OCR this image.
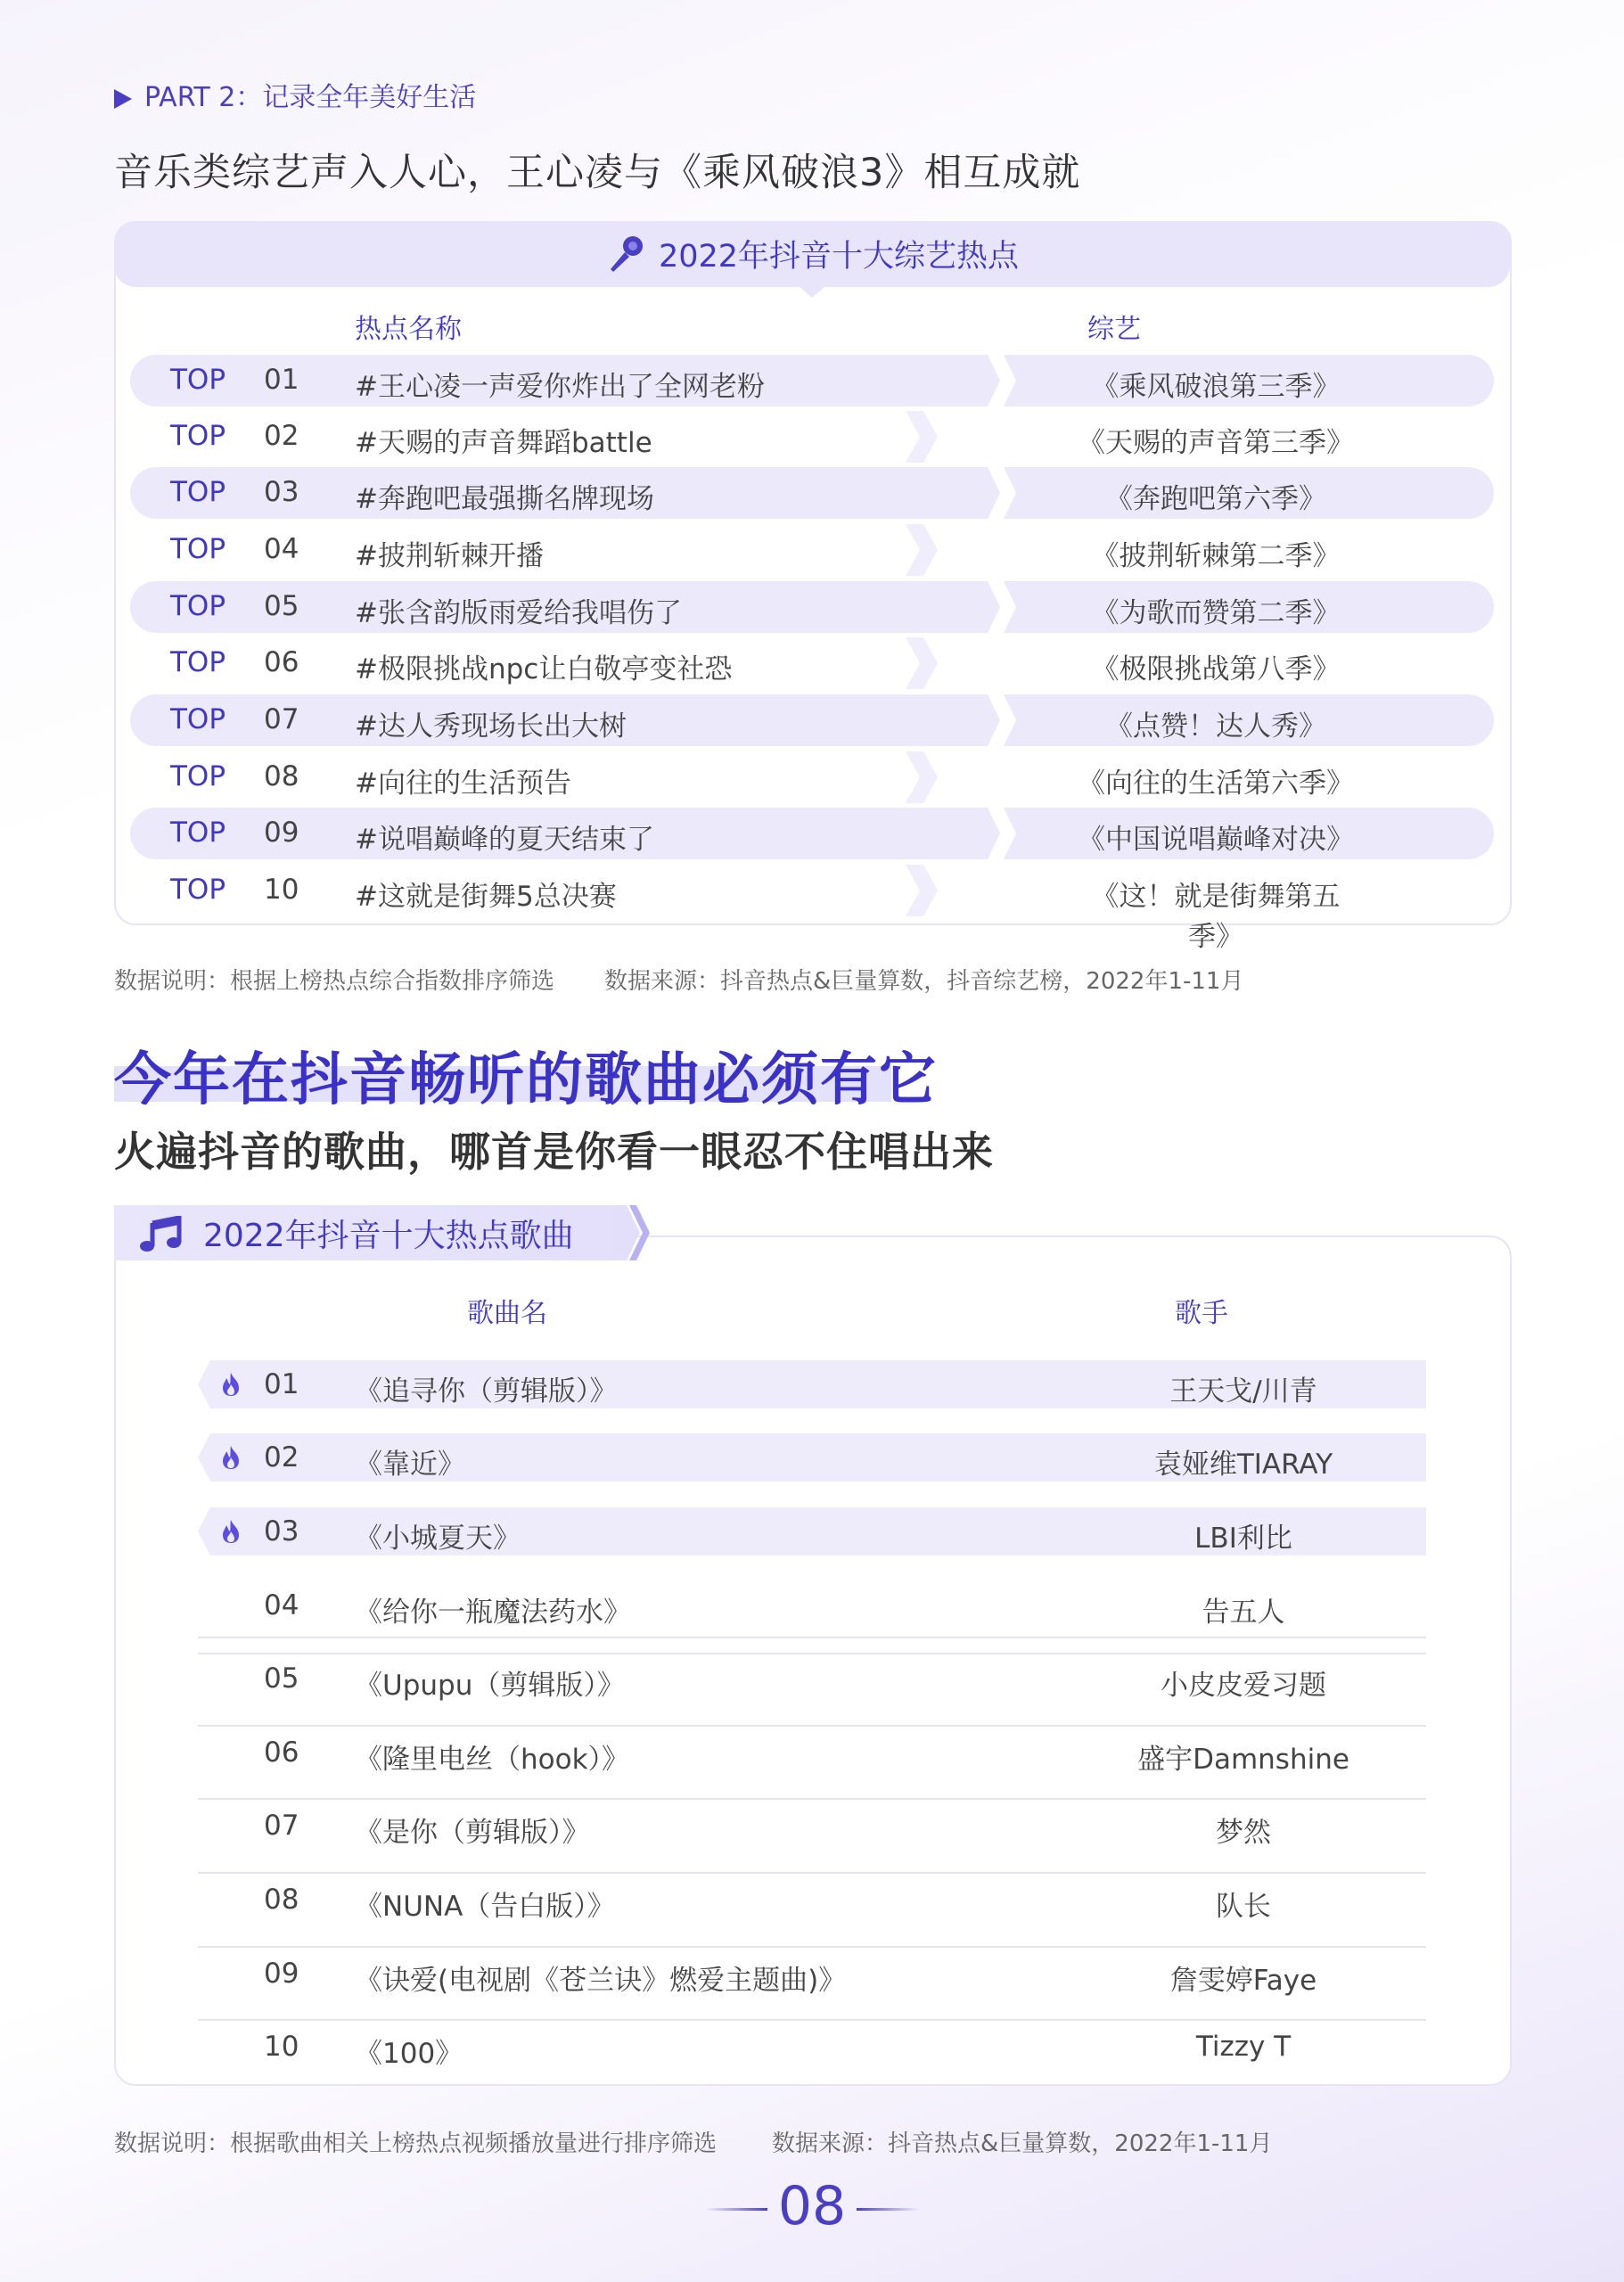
PART 2：记录全年美好生活
音乐类综艺声入人心，王心凌与《乘风破浪3》相互成就
2022年抖音十大综艺热点
热点名称	综艺
TOP 01 #王心凌一声爱你炸出了全网老粉	《乘风破浪第三季》
TOP 02 #天赐的声音舞蹈battle	《天赐的声音第三季》
TOP 03 #奔跑吧最强撕名牌现场	《奔跑吧第六季》
TOP 04 #披荆斩棘开播	《披荆斩棘第二季》
TOP 05 #张含韵版雨爱给我唱伤了	《为歌而赞第二季》
TOP 06 #极限挑战npc让白敬亭变社恐	《极限挑战第八季》
TOP 07 #达人秀现场长出大树	《点赞！达人秀》
TOP 08 #向往的生活预告	《向往的生活第六季》
TOP 09 #说唱巅峰的夏天结束了	《中国说唱巅峰对决》
TOP 10 #这就是街舞5总决赛	《这！就是街舞第五季》
数据说明：根据上榜热点综合指数排序筛选 数据来源：抖音热点&巨量算数，抖音综艺榜，2022年1-11月
今年在抖音畅听的歌曲必须有它
火遍抖音的歌曲，哪首是你看一眼忍不住唱出来
2022年抖音十大热点歌曲
歌曲名	歌手
01 《追寻你（剪辑版）》	王天戈/川青
02 《靠近》	袁娅维TIARAY
03 《小城夏天》	LBI利比
04 《给你一瓶魔法药水》	告五人
05 《Upupu（剪辑版）》	小皮皮爱习题
06 《隆里电丝（hook）》	盛宇Damnshine
07 《是你（剪辑版）》	梦然
08 《NUNA（告白版）》	队长
09 《诀爱(电视剧《苍兰诀》燃爱主题曲)》	詹雯婷Faye
10 《100》	Tizzy T
数据说明：根据歌曲相关上榜热点视频播放量进行排序筛选 数据来源：抖音热点&巨量算数，2022年1-11月
08
